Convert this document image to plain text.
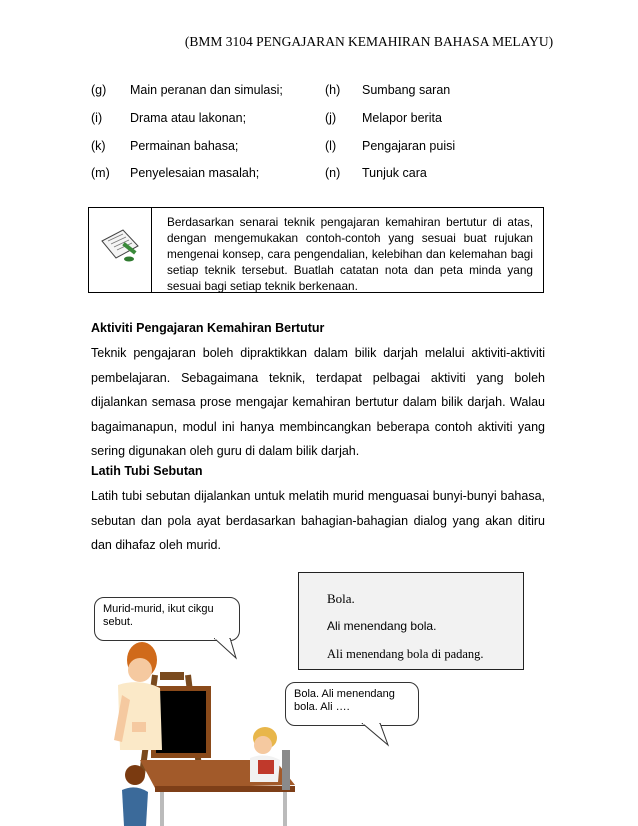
(BMM 3104 PENGAJARAN KEMAHIRAN BAHASA MELAYU)
(g) Main peranan dan simulasi;	(h) Sumbang saran
(i) Drama atau lakonan;	(j) Melapor berita
(k) Permainan bahasa;	(l) Pengajaran puisi
(m) Penyelesaian masalah;	(n) Tunjuk cara
Berdasarkan senarai teknik pengajaran kemahiran bertutur di atas, dengan mengemukakan contoh-contoh yang sesuai buat rujukan mengenai konsep, cara pengendalian, kelebihan dan kelemahan bagi setiap teknik tersebut. Buatlah catatan nota dan peta minda yang sesuai bagi setiap teknik berkenaan.
Aktiviti Pengajaran Kemahiran Bertutur
Teknik pengajaran boleh dipraktikkan dalam bilik darjah melalui aktiviti-aktiviti pembelajaran. Sebagaimana teknik, terdapat pelbagai aktiviti yang boleh dijalankan semasa prose mengajar kemahiran bertutur dalam bilik darjah. Walau bagaimanapun, modul ini hanya membincangkan beberapa contoh aktiviti yang sering digunakan oleh guru di dalam bilik darjah.
Latih Tubi Sebutan
Latih tubi sebutan dijalankan untuk melatih murid menguasai bunyi-bunyi bahasa, sebutan dan pola ayat berdasarkan bahagian-bahagian dialog yang akan ditiru dan dihafaz oleh murid.
Murid-murid, ikut cikgu sebut.
Bola.
Ali menendang bola.
Ali menendang bola di padang.
Bola. Ali menendang bola. Ali ….
